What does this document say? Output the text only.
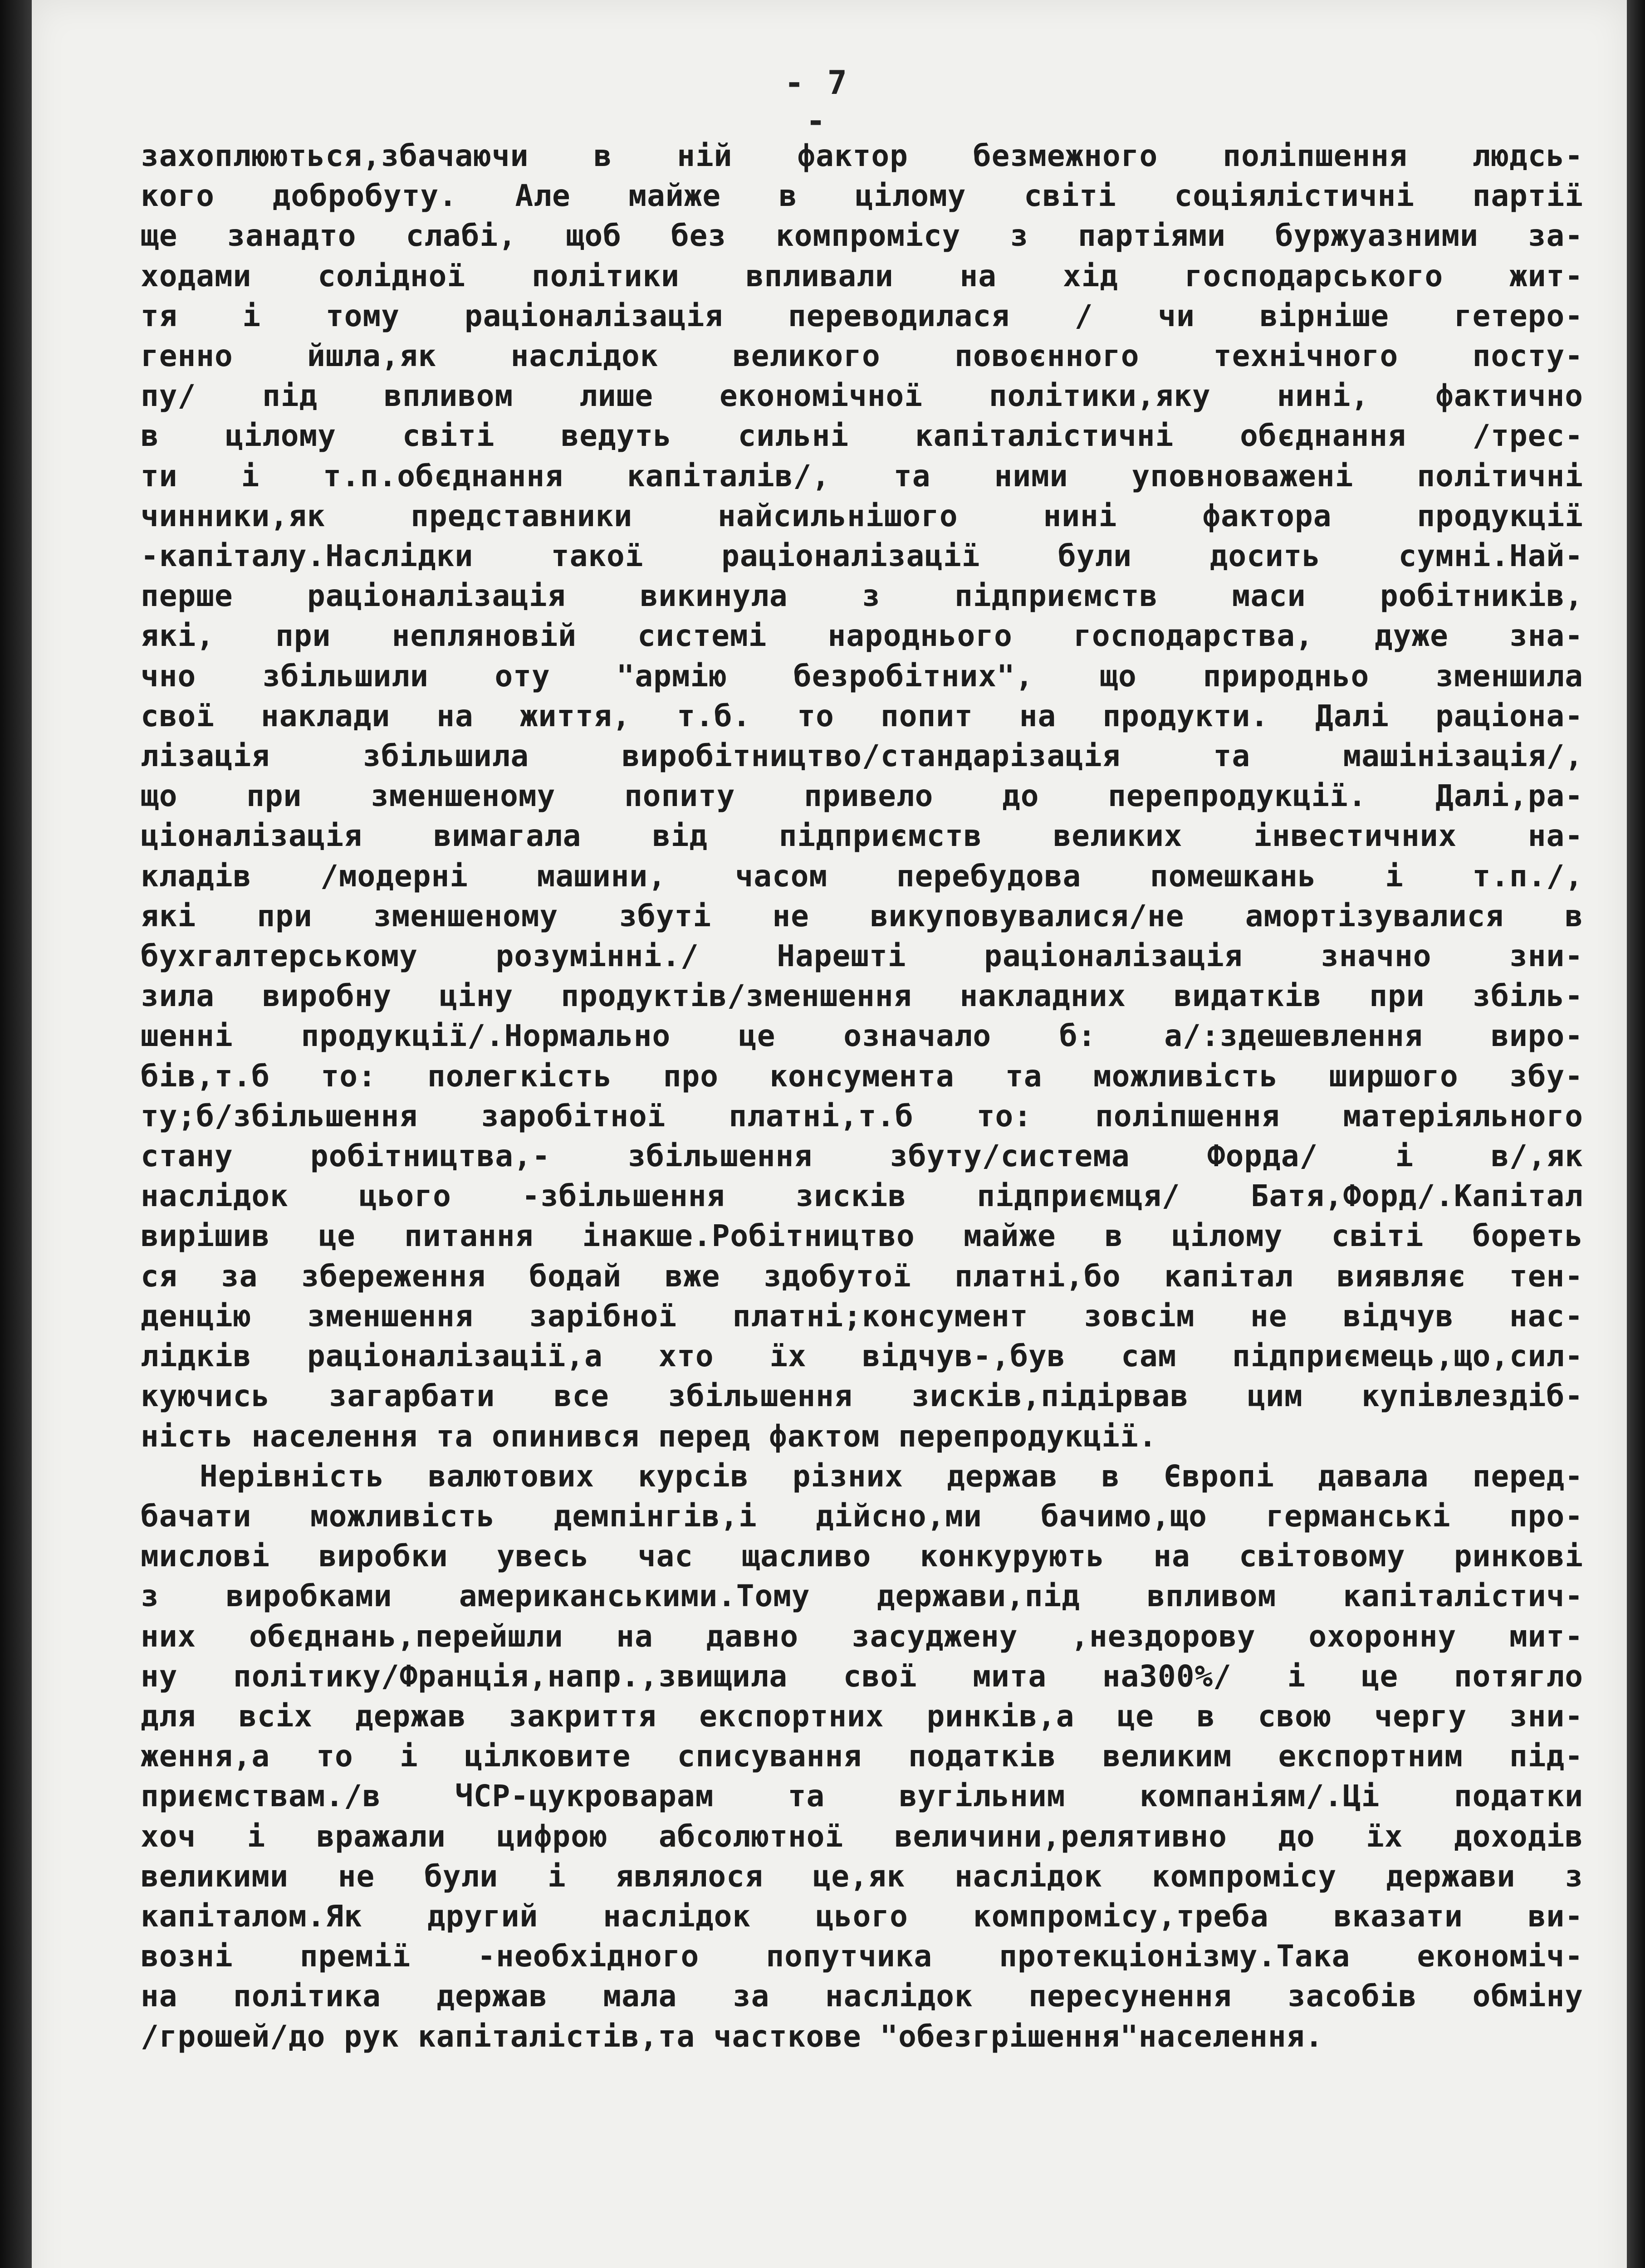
- 7 -
захоплюються,збачаючи в ній фактор безмежного поліпшення людсь-
кого добробуту. Але майже в цілому світі соціялістичні партії
ще занадто слабі, щоб без компромісу з партіями буржуазними за-
ходами солідної політики впливали на хід господарського жит-
тя і тому раціоналізація переводилася / чи вірніше гетеро-
генно йшла,як наслідок великого повоєнного технічного посту-
пу/ під впливом лише економічної політики,яку нині, фактично
в цілому світі ведуть сильні капіталістичні обєднання /трес-
ти і т.п.обєднання капіталів/, та ними уповноважені політичні
чинники,як представники найсильнішого нині фактора продукції
-капіталу.Наслідки такої раціоналізації були досить сумні.Най-
перше раціоналізація викинула з підприємств маси робітників,
які, при непляновій системі народнього господарства, дуже зна-
чно збільшили оту "армію безробітних", що природньо зменшила
свої наклади на життя, т.б. то попит на продукти. Далі раціона-
лізація збільшила виробітництво/стандарізація та машінізація/,
що при зменшеному попиту привело до перепродукції. Далі,ра-
ціоналізація вимагала від підприємств великих інвестичних на-
кладів /модерні машини, часом перебудова помешкань і т.п./,
які при зменшеному збуті не викуповувалися/не амортізувалися в
бухгалтерському розумінні./ Нарешті раціоналізація значно зни-
зила виробну ціну продуктів/зменшення накладних видатків при збіль-
шенні продукції/.Нормально це означало б: а/:здешевлення виро-
бів,т.б то: полегкість про консумента та можливість ширшого збу-
ту;б/збільшення заробітної платні,т.б то: поліпшення матеріяльного
стану робітництва,- збільшення збуту/система Форда/ і в/,як
наслідок цього -збільшення зисків підприємця/ Батя,Форд/.Капітал
вирішив це питання інакше.Робітництво майже в цілому світі бореть
ся за збереження бодай вже здобутої платні,бо капітал виявляє тен-
денцію зменшення зарібної платні;консумент зовсім не відчув нас-
лідків раціоналізації,а хто їх відчув-,був сам підприємець,що,сил-
куючись загарбати все збільшення зисків,підірвав цим купівлездіб-
ність населення та опинився перед фактом перепродукції.
Нерівність валютових курсів різних держав в Європі давала перед-
бачати можливість демпінгів,і дійсно,ми бачимо,що германські про-
мислові виробки увесь час щасливо конкурують на світовому ринкові
з виробками американськими.Тому держави,під впливом капіталістич-
них обєднань,перейшли на давно засуджену ,нездорову охоронну мит-
ну політику/Франція,напр.,звищила свої мита на300%/ і це потягло
для всіх держав закриття експортних ринків,а це в свою чергу зни-
ження,а то і цілковите списування податків великим експортним під-
приємствам./в ЧСР-цукроварам та вугільним компаніям/.Ці податки
хоч і вражали цифрою абсолютної величини,релятивно до їх доходів
великими не були і являлося це,як наслідок компромісу держави з
капіталом.Як другий наслідок цього компромісу,треба вказати ви-
возні премії -необхідного попутчика протекціонізму.Така економіч-
на політика держав мала за наслідок пересунення засобів обміну
/грошей/до рук капіталістів,та часткове "обезгрішення"населення.
